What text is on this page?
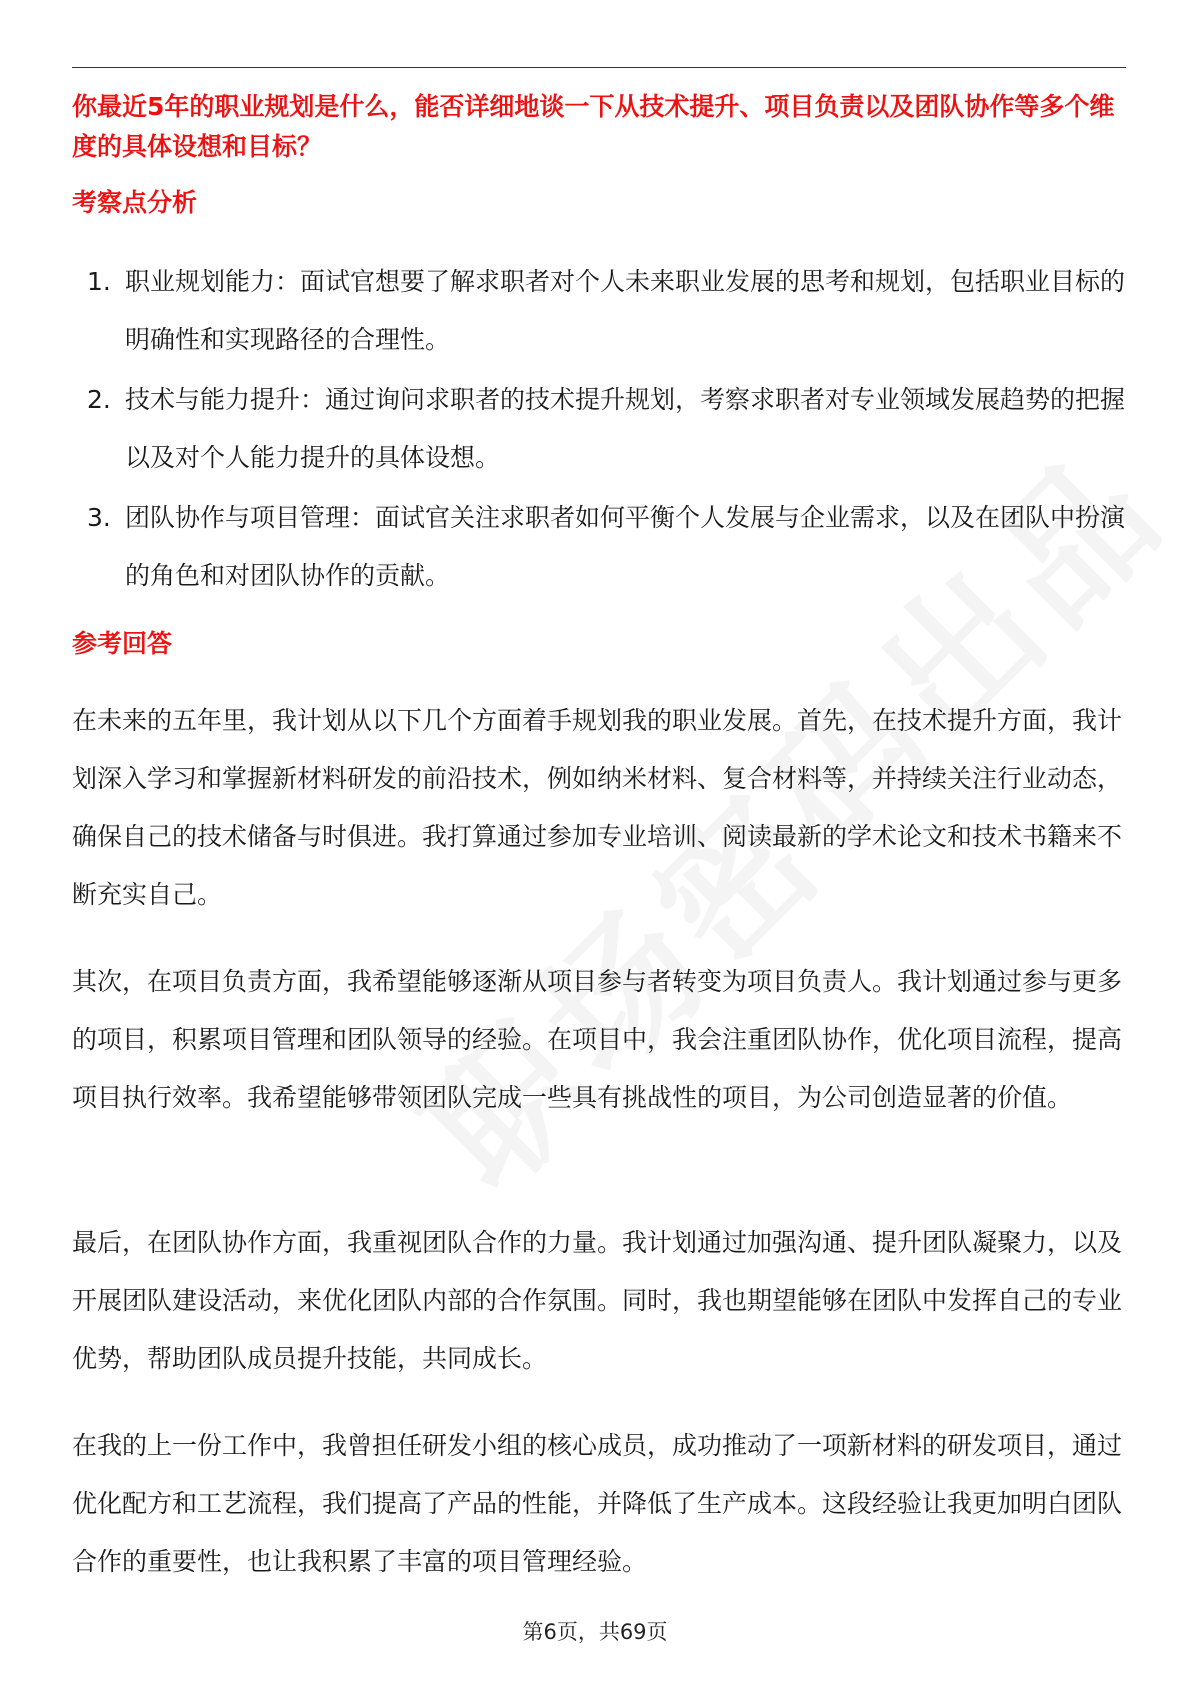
你最近5年的职业规划是什么，能否详细地谈一下从技术提升、项目负责以及团队协作等多个维度的具体设想和目标？

考察点分析
1. 职业规划能力：面试官想要了解求职者对个人未来职业发展的思考和规划，包括职业目标的明确性和实现路径的合理性。
2. 技术与能力提升：通过询问求职者的技术提升规划，考察求职者对专业领域发展趋势的把握以及对个人能力提升的具体设想。
3. 团队协作与项目管理：面试官关注求职者如何平衡个人发展与企业需求，以及在团队中扮演的角色和对团队协作的贡献。
参考回答

在未来的五年里，我计划从以下几个方面着手规划我的职业发展。首先，在技术提升方面，我计划深入学习和掌握新材料研发的前沿技术，例如纳米材料、复合材料等，并持续关注行业动态，确保自己的技术储备与时俱进。我打算通过参加专业培训、阅读最新的学术论文和技术书籍来不断充实自己。

其次，在项目负责方面，我希望能够逐渐从项目参与者转变为项目负责人。我计划通过参与更多的项目，积累项目管理和团队领导的经验。在项目中，我会注重团队协作，优化项目流程，提高项目执行效率。我希望能够带领团队完成一些具有挑战性的项目，为公司创造显著的价值。

最后，在团队协作方面，我重视团队合作的力量。我计划通过加强沟通、提升团队凝聚力，以及开展团队建设活动，来优化团队内部的合作氛围。同时，我也期望能够在团队中发挥自己的专业优势，帮助团队成员提升技能，共同成长。

在我的上一份工作中，我曾担任研发小组的核心成员，成功推动了一项新材料的研发项目，通过优化配方和工艺流程，我们提高了产品的性能，并降低了生产成本。这段经验让我更加明白团队合作的重要性，也让我积累了丰富的项目管理经验。

第6页，共69页
